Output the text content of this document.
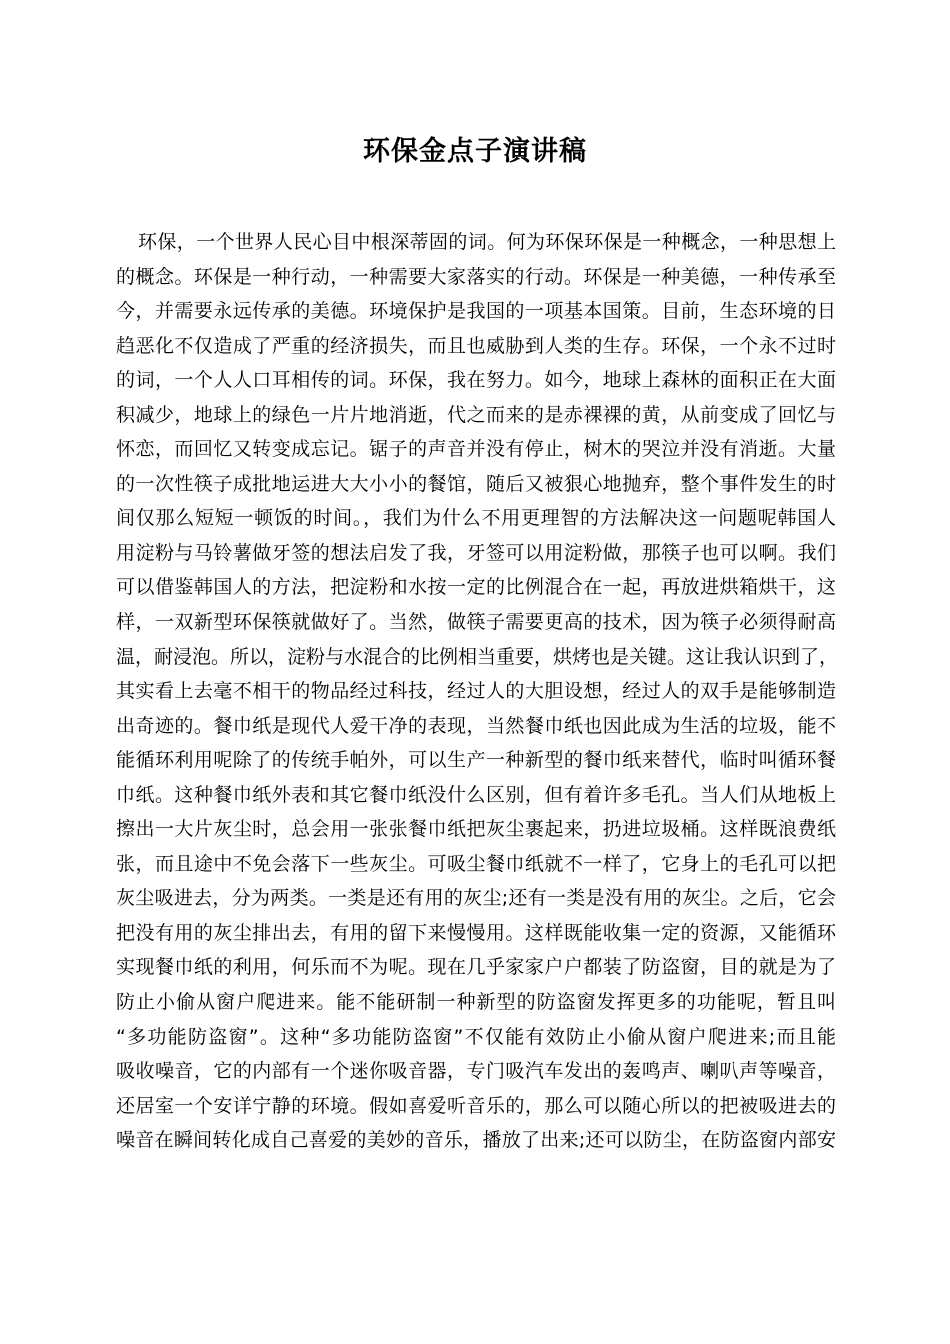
环保金点子演讲稿
环保，一个世界人民心目中根深蒂固的词。何为环保环保是一种概念，一种思想上
的概念。环保是一种行动，一种需要大家落实的行动。环保是一种美德，一种传承至
今，并需要永远传承的美德。环境保护是我国的一项基本国策。目前，生态环境的日
趋恶化不仅造成了严重的经济损失，而且也威胁到人类的生存。环保，一个永不过时
的词，一个人人口耳相传的词。环保，我在努力。如今，地球上森林的面积正在大面
积减少，地球上的绿色一片片地消逝，代之而来的是赤裸裸的黄，从前变成了回忆与
怀恋，而回忆又转变成忘记。锯子的声音并没有停止，树木的哭泣并没有消逝。大量
的一次性筷子成批地运进大大小小的餐馆，随后又被狠心地抛弃，整个事件发生的时
间仅那么短短一顿饭的时间。，我们为什么不用更理智的方法解决这一问题呢韩国人
用淀粉与马铃薯做牙签的想法启发了我，牙签可以用淀粉做，那筷子也可以啊。我们
可以借鉴韩国人的方法，把淀粉和水按一定的比例混合在一起，再放进烘箱烘干，这
样，一双新型环保筷就做好了。当然，做筷子需要更高的技术，因为筷子必须得耐高
温，耐浸泡。所以，淀粉与水混合的比例相当重要，烘烤也是关键。这让我认识到了，
其实看上去毫不相干的物品经过科技，经过人的大胆设想，经过人的双手是能够制造
出奇迹的。餐巾纸是现代人爱干净的表现，当然餐巾纸也因此成为生活的垃圾，能不
能循环利用呢除了的传统手帕外，可以生产一种新型的餐巾纸来替代，临时叫循环餐
巾纸。这种餐巾纸外表和其它餐巾纸没什么区别，但有着许多毛孔。当人们从地板上
擦出一大片灰尘时，总会用一张张餐巾纸把灰尘裹起来，扔进垃圾桶。这样既浪费纸
张，而且途中不免会落下一些灰尘。可吸尘餐巾纸就不一样了，它身上的毛孔可以把
灰尘吸进去，分为两类。一类是还有用的灰尘;还有一类是没有用的灰尘。之后，它会
把没有用的灰尘排出去，有用的留下来慢慢用。这样既能收集一定的资源，又能循环
实现餐巾纸的利用，何乐而不为呢。现在几乎家家户户都装了防盗窗，目的就是为了
防止小偷从窗户爬进来。能不能研制一种新型的防盗窗发挥更多的功能呢，暂且叫
“多功能防盗窗”。这种“多功能防盗窗”不仅能有效防止小偷从窗户爬进来;而且能
吸收噪音，它的内部有一个迷你吸音器，专门吸汽车发出的轰鸣声、喇叭声等噪音，
还居室一个安详宁静的环境。假如喜爱听音乐的，那么可以随心所以的把被吸进去的
噪音在瞬间转化成自己喜爱的美妙的音乐，播放了出来;还可以防尘，在防盗窗内部安
